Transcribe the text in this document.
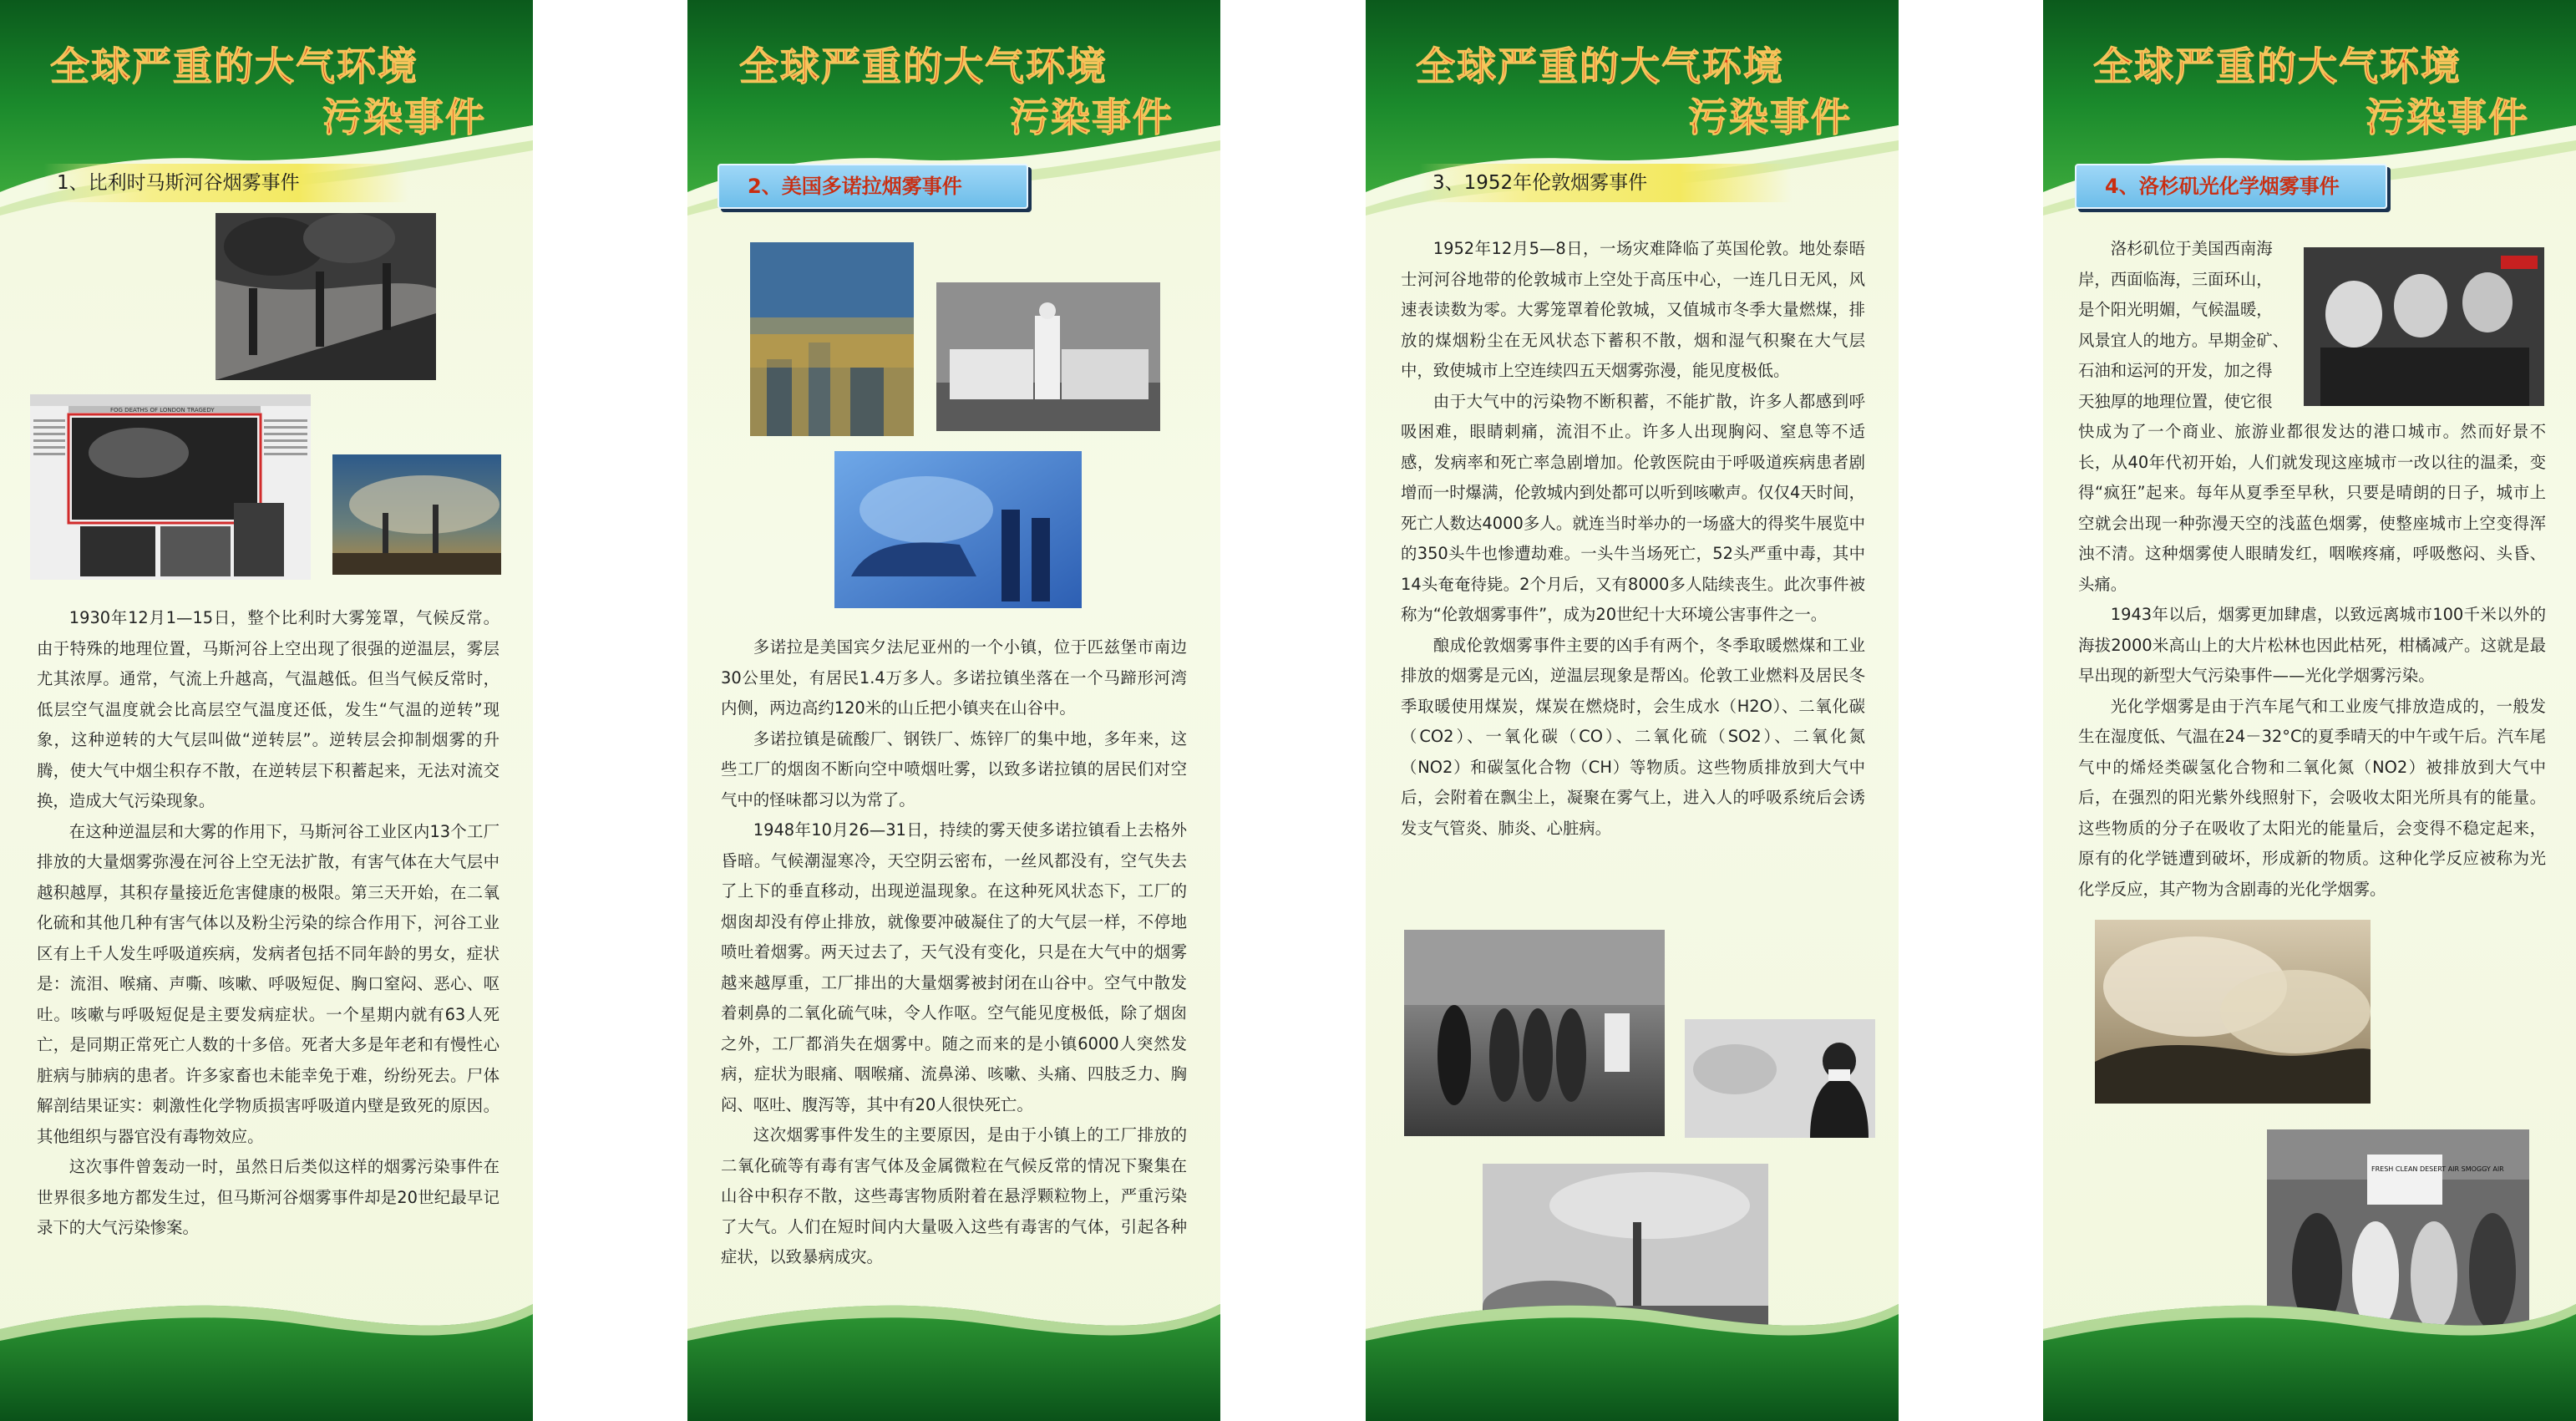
全球严重的大气环境
污染事件
1、比利时马斯河谷烟雾事件
FOG DEATHS OF LONDON TRAGEDY

1930年12月1—15日，整个比利时大雾笼罩，气候反常。由于特殊的地理位置，马斯河谷上空出现了很强的逆温层，雾层尤其浓厚。通常，气流上升越高，气温越低。但当气候反常时，低层空气温度就会比高层空气温度还低，发生“气温的逆转”现象，这种逆转的大气层叫做“逆转层”。逆转层会抑制烟雾的升腾，使大气中烟尘积存不散，在逆转层下积蓄起来，无法对流交换，造成大气污染现象。

在这种逆温层和大雾的作用下，马斯河谷工业区内13个工厂排放的大量烟雾弥漫在河谷上空无法扩散，有害气体在大气层中越积越厚，其积存量接近危害健康的极限。第三天开始，在二氧化硫和其他几种有害气体以及粉尘污染的综合作用下，河谷工业区有上千人发生呼吸道疾病，发病者包括不同年龄的男女，症状是：流泪、喉痛、声嘶、咳嗽、呼吸短促、胸口窒闷、恶心、呕吐。咳嗽与呼吸短促是主要发病症状。一个星期内就有63人死亡，是同期正常死亡人数的十多倍。死者大多是年老和有慢性心脏病与肺病的患者。许多家畜也未能幸免于难，纷纷死去。尸体解剖结果证实：刺激性化学物质损害呼吸道内壁是致死的原因。其他组织与器官没有毒物效应。

这次事件曾轰动一时，虽然日后类似这样的烟雾污染事件在世界很多地方都发生过，但马斯河谷烟雾事件却是20世纪最早记录下的大气污染惨案。

全球严重的大气环境
污染事件
2、美国多诺拉烟雾事件

多诺拉是美国宾夕法尼亚州的一个小镇，位于匹兹堡市南边30公里处，有居民1.4万多人。多诺拉镇坐落在一个马蹄形河湾内侧，两边高约120米的山丘把小镇夹在山谷中。

多诺拉镇是硫酸厂、钢铁厂、炼锌厂的集中地，多年来，这些工厂的烟囱不断向空中喷烟吐雾，以致多诺拉镇的居民们对空气中的怪味都习以为常了。

1948年10月26—31日，持续的雾天使多诺拉镇看上去格外昏暗。气候潮湿寒冷，天空阴云密布，一丝风都没有，空气失去了上下的垂直移动，出现逆温现象。在这种死风状态下，工厂的烟囱却没有停止排放，就像要冲破凝住了的大气层一样，不停地喷吐着烟雾。两天过去了，天气没有变化，只是在大气中的烟雾越来越厚重，工厂排出的大量烟雾被封闭在山谷中。空气中散发着刺鼻的二氧化硫气味，令人作呕。空气能见度极低，除了烟囱之外，工厂都消失在烟雾中。随之而来的是小镇6000人突然发病，症状为眼痛、咽喉痛、流鼻涕、咳嗽、头痛、四肢乏力、胸闷、呕吐、腹泻等，其中有20人很快死亡。

这次烟雾事件发生的主要原因，是由于小镇上的工厂排放的二氧化硫等有毒有害气体及金属微粒在气候反常的情况下聚集在山谷中积存不散，这些毒害物质附着在悬浮颗粒物上，严重污染了大气。人们在短时间内大量吸入这些有毒害的气体，引起各种症状，以致暴病成灾。

全球严重的大气环境
污染事件
3、1952年伦敦烟雾事件

1952年12月5—8日，一场灾难降临了英国伦敦。地处泰晤士河河谷地带的伦敦城市上空处于高压中心，一连几日无风，风速表读数为零。大雾笼罩着伦敦城，又值城市冬季大量燃煤，排放的煤烟粉尘在无风状态下蓄积不散，烟和湿气积聚在大气层中，致使城市上空连续四五天烟雾弥漫，能见度极低。

由于大气中的污染物不断积蓄，不能扩散，许多人都感到呼吸困难，眼睛刺痛，流泪不止。许多人出现胸闷、窒息等不适感，发病率和死亡率急剧增加。伦敦医院由于呼吸道疾病患者剧增而一时爆满，伦敦城内到处都可以听到咳嗽声。仅仅4天时间，死亡人数达4000多人。就连当时举办的一场盛大的得奖牛展览中的350头牛也惨遭劫难。一头牛当场死亡，52头严重中毒，其中14头奄奄待毙。2个月后，又有8000多人陆续丧生。此次事件被称为“伦敦烟雾事件”，成为20世纪十大环境公害事件之一。

酿成伦敦烟雾事件主要的凶手有两个，冬季取暖燃煤和工业排放的烟雾是元凶，逆温层现象是帮凶。伦敦工业燃料及居民冬季取暖使用煤炭，煤炭在燃烧时，会生成水（H2O）、二氧化碳（CO2）、一氧化碳（CO）、二氧化硫（SO2）、二氧化氮（NO2）和碳氢化合物（CH）等物质。这些物质排放到大气中后，会附着在飘尘上，凝聚在雾气上，进入人的呼吸系统后会诱发支气管炎、肺炎、心脏病。

全球严重的大气环境
污染事件
4、洛杉矶光化学烟雾事件
洛杉矶位于美国西南海
岸，西面临海，三面环山，
是个阳光明媚，气候温暖，
风景宜人的地方。早期金矿、
石油和运河的开发，加之得
天独厚的地理位置，使它很
快成为了一个商业、旅游业都很发达的港口城市。然而好景不长，从40年代初开始，人们就发现这座城市一改以往的温柔，变得“疯狂”起来。每年从夏季至早秋，只要是晴朗的日子，城市上空就会出现一种弥漫天空的浅蓝色烟雾，使整座城市上空变得浑浊不清。这种烟雾使人眼睛发红，咽喉疼痛，呼吸憋闷、头昏、头痛。

1943年以后，烟雾更加肆虐，以致远离城市100千米以外的海拔2000米高山上的大片松林也因此枯死，柑橘减产。这就是最早出现的新型大气污染事件——光化学烟雾污染。

光化学烟雾是由于汽车尾气和工业废气排放造成的，一般发生在湿度低、气温在24－32°C的夏季晴天的中午或午后。汽车尾气中的烯烃类碳氢化合物和二氧化氮（NO2）被排放到大气中后，在强烈的阳光紫外线照射下，会吸收太阳光所具有的能量。这些物质的分子在吸收了太阳光的能量后，会变得不稳定起来，原有的化学链遭到破坏，形成新的物质。这种化学反应被称为光化学反应，其产物为含剧毒的光化学烟雾。

FRESH CLEAN DESERT AIR SMOGGY AIR
